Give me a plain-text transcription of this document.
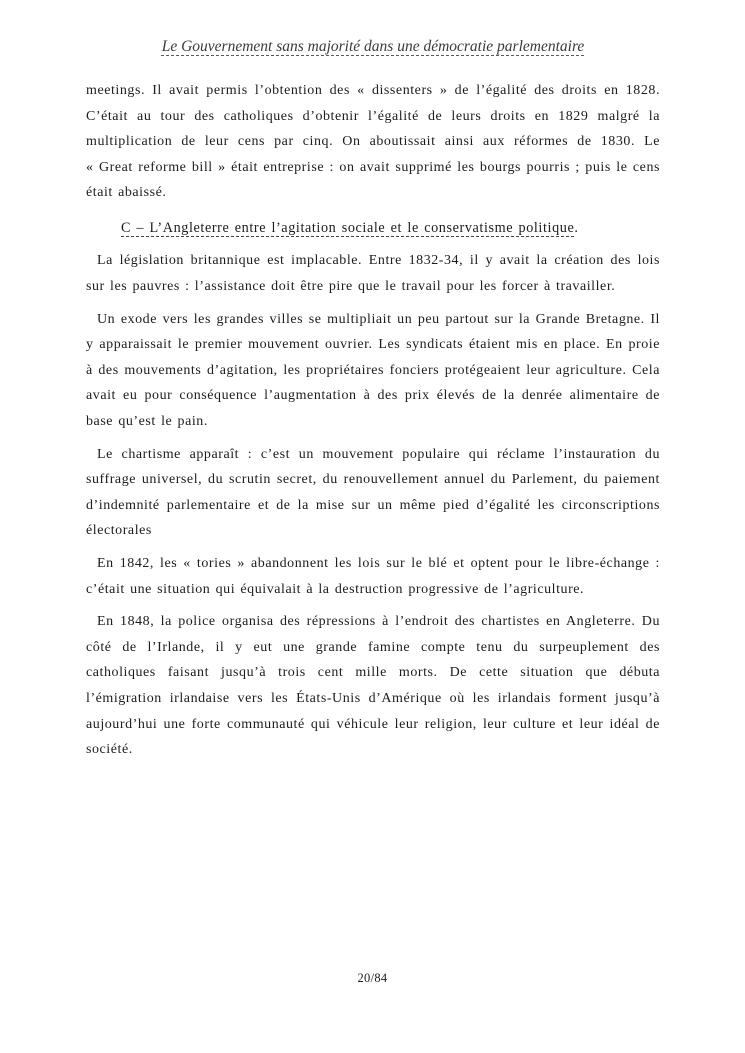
Le Gouvernement sans majorité dans une démocratie parlementaire

meetings. Il avait permis l’obtention des « dissenters » de l’égalité des droits en 1828. C’était au tour des catholiques d’obtenir l’égalité de leurs droits en 1829 malgré la multiplication de leur cens par cinq. On aboutissait ainsi aux réformes de 1830. Le « Great reforme bill » était entreprise : on avait supprimé les bourgs pourris ; puis le cens était abaissé.

C – L’Angleterre entre l’agitation sociale et le conservatisme politique.

La législation britannique est implacable. Entre 1832-34, il y avait la création des lois sur les pauvres : l’assistance doit être pire que le travail pour les forcer à travailler.

Un exode vers les grandes villes se multipliait un peu partout sur la Grande Bretagne. Il y apparaissait le premier mouvement ouvrier. Les syndicats étaient mis en place. En proie à des mouvements d’agitation, les propriétaires fonciers protégeaient leur agriculture. Cela avait eu pour conséquence l’augmentation à des prix élevés de la denrée alimentaire de base qu’est le pain.

Le chartisme apparaît : c’est un mouvement populaire qui réclame l’instauration du suffrage universel, du scrutin secret, du renouvellement annuel du Parlement, du paiement d’indemnité parlementaire et de la mise sur un même pied d’égalité les circonscriptions électorales

En 1842, les « tories » abandonnent les lois sur le blé et optent pour le libre-échange : c’était une situation qui équivalait à la destruction progressive de l’agriculture.

En 1848, la police organisa des répressions à l’endroit des chartistes en Angleterre. Du côté de l’Irlande, il y eut une grande famine compte tenu du surpeuplement des catholiques faisant jusqu’à trois cent mille morts. De cette situation que débuta l’émigration irlandaise vers les États-Unis d’Amérique où les irlandais forment jusqu’à aujourd’hui une forte communauté qui véhicule leur religion, leur culture et leur idéal de société.

20/84
